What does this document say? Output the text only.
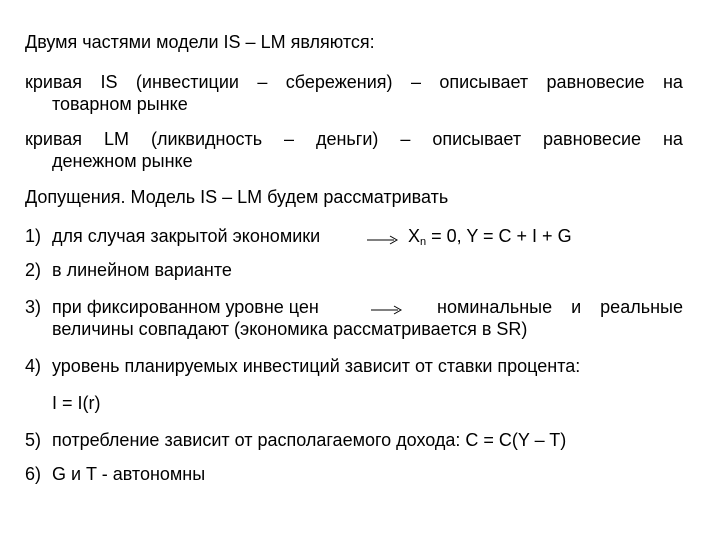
Двумя частями модели IS – LM являются:
кривая IS (инвестиции – сбережения) – описывает равновесие на
товарном рынке
кривая LM (ликвидность – деньги) – описывает равновесие на
денежном рынке
Допущения. Модель IS – LM будем рассматривать
1) для случая закрытой экономики	$X_n = 0$, Y = C + I + G
2) в линейном варианте
3) при фиксированном уровне цен	номинальные и реальные
величины совпадают (экономика рассматривается в SR)
4) уровень планируемых инвестиций зависит от ставки процента:
I = I(r)
5) потребление зависит от располагаемого дохода: C = C(Y – T)
6) G и T - автономны
